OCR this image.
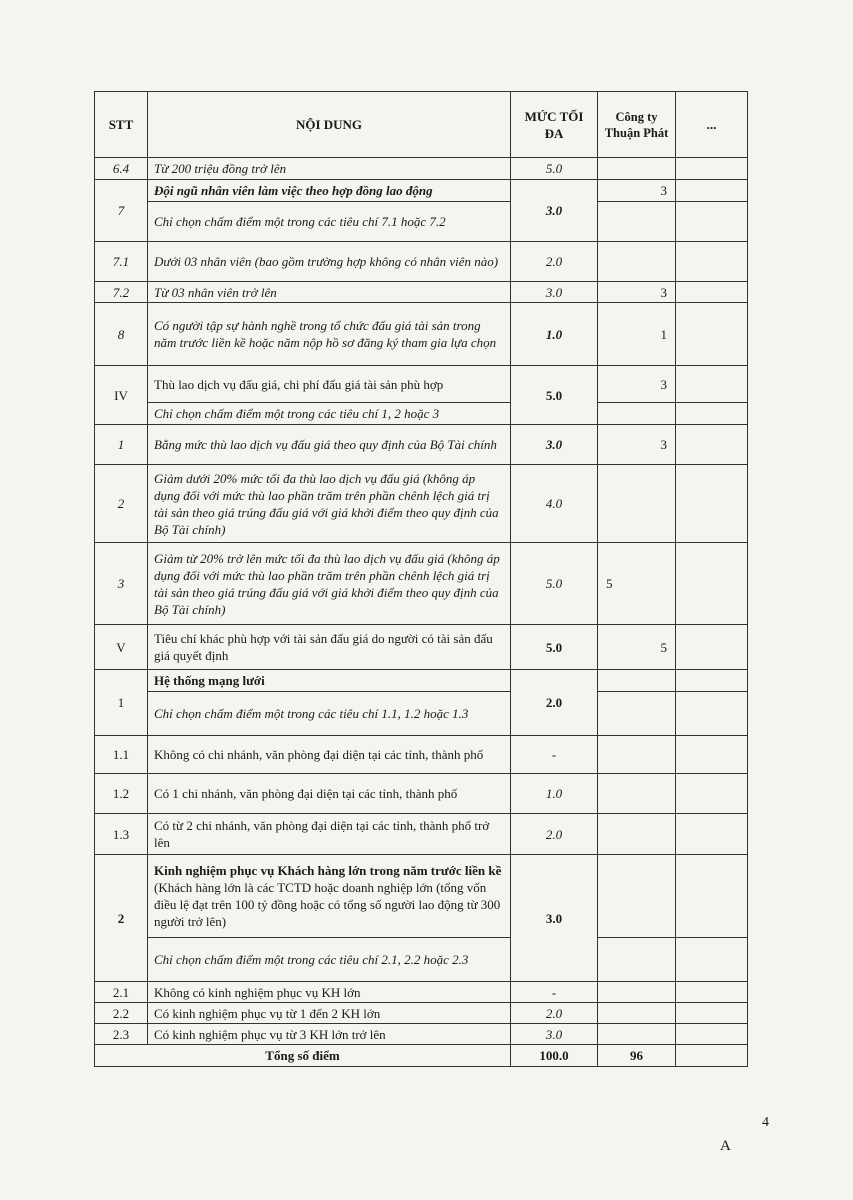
STT	NỘI DUNG	MỨC TỐI ĐA	Công ty Thuận Phát	...
6.4	Từ 200 triệu đồng trở lên	5.0		
7	Đội ngũ nhân viên làm việc theo hợp đồng lao động	3.0	3	
	Chỉ chọn chấm điểm một trong các tiêu chí 7.1 hoặc 7.2			
7.1	Dưới 03 nhân viên (bao gồm trường hợp không có nhân viên nào)	2.0		
7.2	Từ 03 nhân viên trở lên	3.0	3	
8	Có người tập sự hành nghề trong tổ chức đấu giá tài sản trong năm trước liền kề hoặc năm nộp hồ sơ đăng ký tham gia lựa chọn	1.0	1	
IV	Thù lao dịch vụ đấu giá, chi phí đấu giá tài sản phù hợp	5.0	3	
	Chỉ chọn chấm điểm một trong các tiêu chí 1, 2 hoặc 3			
1	Bằng mức thù lao dịch vụ đấu giá theo quy định của Bộ Tài chính	3.0	3	
2	Giảm dưới 20% mức tối đa thù lao dịch vụ đấu giá (không áp dụng đối với mức thù lao phần trăm trên phần chênh lệch giá trị tài sản theo giá trúng đấu giá với giá khởi điểm theo quy định của Bộ Tài chính)	4.0		
3	Giảm từ 20% trở lên mức tối đa thù lao dịch vụ đấu giá (không áp dụng đối với mức thù lao phần trăm trên phần chênh lệch giá trị tài sản theo giá trúng đấu giá với giá khởi điểm theo quy định của Bộ Tài chính)	5.0	5	
V	Tiêu chí khác phù hợp với tài sản đấu giá do người có tài sản đấu giá quyết định	5.0	5	
1	Hệ thống mạng lưới	2.0		
	Chỉ chọn chấm điểm một trong các tiêu chí 1.1, 1.2 hoặc 1.3			
1.1	Không có chi nhánh, văn phòng đại diện tại các tỉnh, thành phố	-		
1.2	Có 1 chi nhánh, văn phòng đại diện tại các tỉnh, thành phố	1.0		
1.3	Có từ 2 chi nhánh, văn phòng đại diện tại các tỉnh, thành phố trở lên	2.0		
2	Kinh nghiệm phục vụ Khách hàng lớn trong năm trước liền kề (Khách hàng lớn là các TCTD hoặc doanh nghiệp lớn (tổng vốn điều lệ đạt trên 100 tỷ đồng hoặc có tổng số người lao động từ 300 người trở lên)	3.0		
	Chỉ chọn chấm điểm một trong các tiêu chí 2.1, 2.2 hoặc 2.3			
2.1	Không có kinh nghiệm phục vụ KH lớn	-		
2.2	Có kinh nghiệm phục vụ từ 1 đến 2 KH lớn	2.0		
2.3	Có kinh nghiệm phục vụ từ 3 KH lớn trở lên	3.0		
Tổng số điểm		100.0	96	
4
A
